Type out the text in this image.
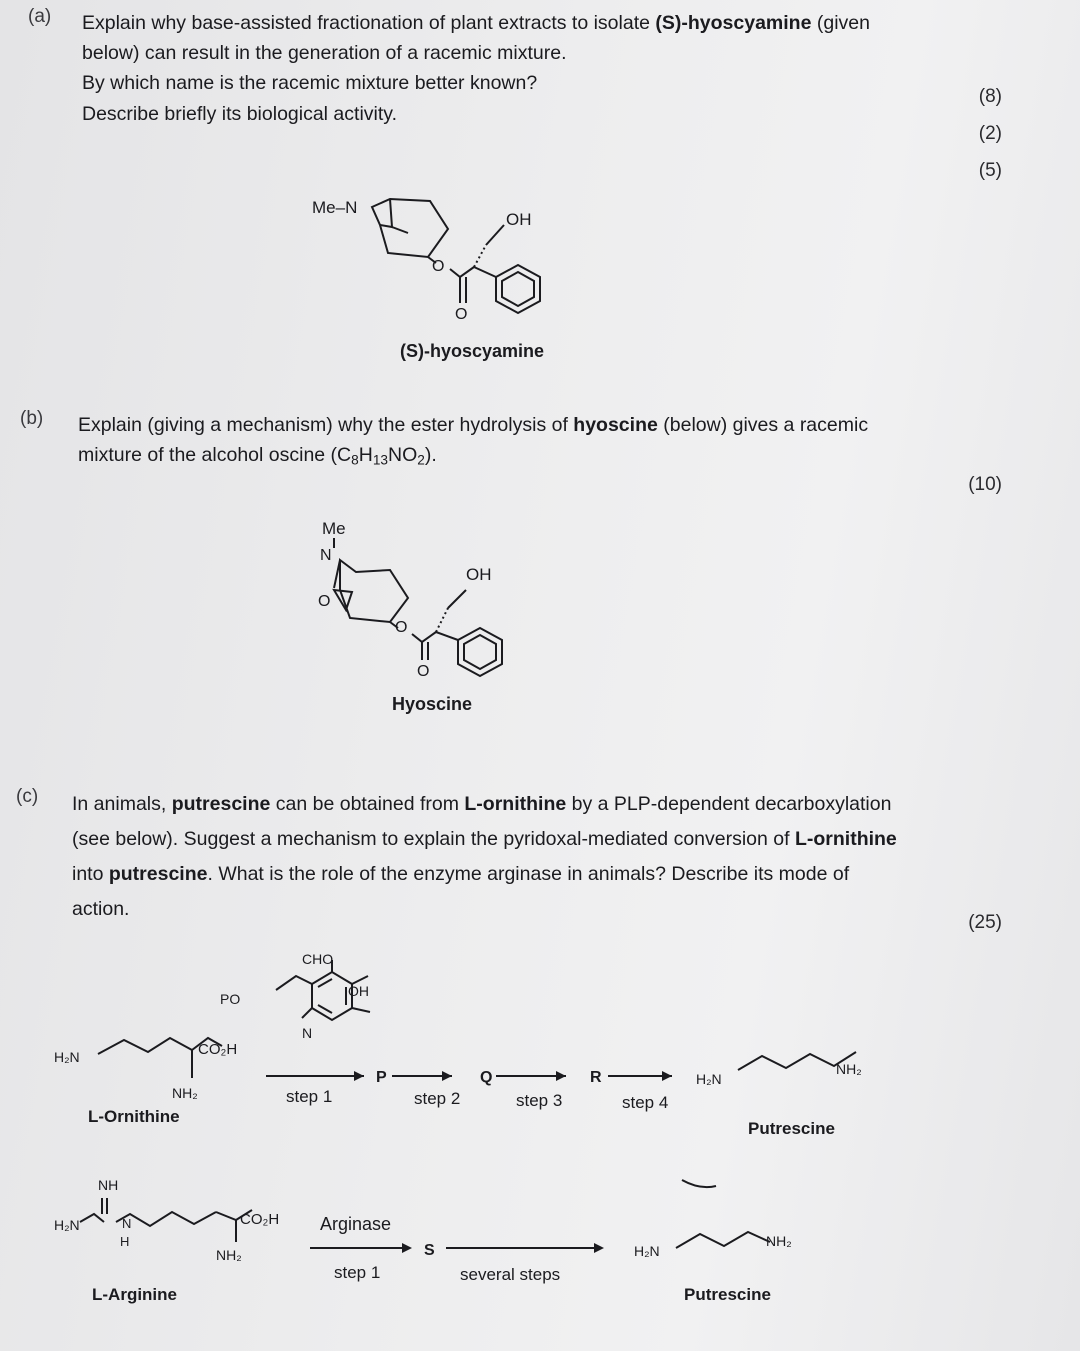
(a) Explain why base-assisted fractionation of plant extracts to isolate (S)-hyoscyamine (given
below) can result in the generation of a racemic mixture.
By which name is the racemic mixture better known?
Describe briefly its biological activity.
(8)
(2)
(5)
Me–N
OH
O
O
(S)-hyoscyamine
(b) Explain (giving a mechanism) why the ester hydrolysis of hyoscine (below) gives a racemic
mixture of the alcohol oscine $(C_8H_{13}NO_2)$.
(10)
Me
N
O
OH
O
O
Hyoscine
(c) In animals, putrescine can be obtained from L-ornithine by a PLP-dependent decarboxylation
(see below). Suggest a mechanism to explain the pyridoxal-mediated conversion of L-ornithine
into putrescine. What is the role of the enzyme arginase in animals? Describe its mode of
action.
(25)
H₂N	CO₂H
NH₂
L-Ornithine
CHO
PO	OH
N
P	Q	R
step 1	step 2	step 3	step 4
H₂N
NH₂
Putrescine
NH
H₂N	N
H
CO₂H
NH₂
L-Arginine
Arginase
step 1
S
several steps
H₂N
NH₂
Putrescine
